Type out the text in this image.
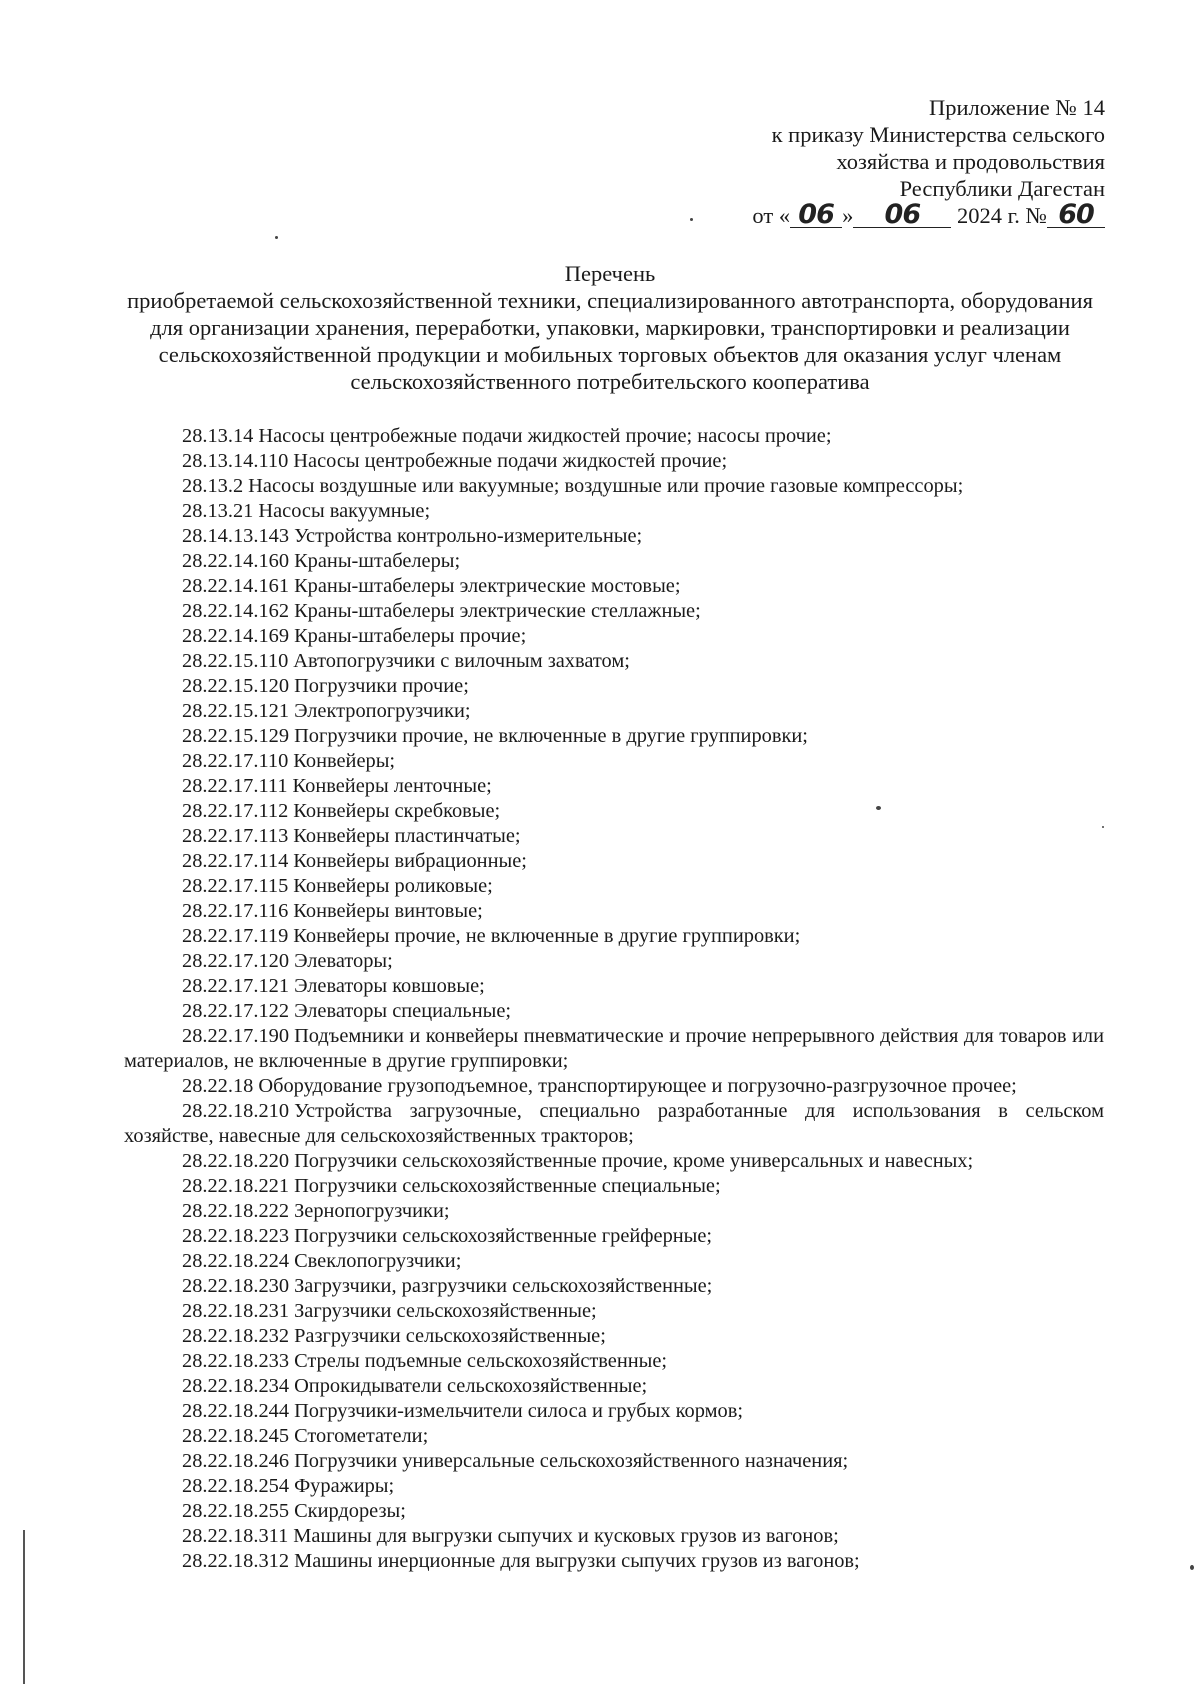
Приложение № 14
к приказу Министерства сельского
хозяйства и продовольствия
Республики Дагестан
от « 06 » 06 2024 г. № 60
Перечень
приобретаемой сельскохозяйственной техники, специализированного автотранспорта, оборудования для организации хранения, переработки, упаковки, маркировки, транспортировки и реализации сельскохозяйственной продукции и мобильных торговых объектов для оказания услуг членам сельскохозяйственного потребительского кооператива
28.13.14 Насосы центробежные подачи жидкостей прочие; насосы прочие;
28.13.14.110 Насосы центробежные подачи жидкостей прочие;
28.13.2 Насосы воздушные или вакуумные; воздушные или прочие газовые компрессоры;
28.13.21 Насосы вакуумные;
28.14.13.143 Устройства контрольно-измерительные;
28.22.14.160 Краны-штабелеры;
28.22.14.161 Краны-штабелеры электрические мостовые;
28.22.14.162 Краны-штабелеры электрические стеллажные;
28.22.14.169 Краны-штабелеры прочие;
28.22.15.110 Автопогрузчики с вилочным захватом;
28.22.15.120 Погрузчики прочие;
28.22.15.121 Электропогрузчики;
28.22.15.129 Погрузчики прочие, не включенные в другие группировки;
28.22.17.110 Конвейеры;
28.22.17.111 Конвейеры ленточные;
28.22.17.112 Конвейеры скребковые;
28.22.17.113 Конвейеры пластинчатые;
28.22.17.114 Конвейеры вибрационные;
28.22.17.115 Конвейеры роликовые;
28.22.17.116 Конвейеры винтовые;
28.22.17.119 Конвейеры прочие, не включенные в другие группировки;
28.22.17.120 Элеваторы;
28.22.17.121 Элеваторы ковшовые;
28.22.17.122 Элеваторы специальные;
28.22.17.190 Подъемники и конвейеры пневматические и прочие непрерывного действия для товаров или материалов, не включенные в другие группировки;
28.22.18 Оборудование грузоподъемное, транспортирующее и погрузочно-разгрузочное прочее;
28.22.18.210 Устройства загрузочные, специально разработанные для использования в сельском хозяйстве, навесные для сельскохозяйственных тракторов;
28.22.18.220 Погрузчики сельскохозяйственные прочие, кроме универсальных и навесных;
28.22.18.221 Погрузчики сельскохозяйственные специальные;
28.22.18.222 Зернопогрузчики;
28.22.18.223 Погрузчики сельскохозяйственные грейферные;
28.22.18.224 Свеклопогрузчики;
28.22.18.230 Загрузчики, разгрузчики сельскохозяйственные;
28.22.18.231 Загрузчики сельскохозяйственные;
28.22.18.232 Разгрузчики сельскохозяйственные;
28.22.18.233 Стрелы подъемные сельскохозяйственные;
28.22.18.234 Опрокидыватели сельскохозяйственные;
28.22.18.244 Погрузчики-измельчители силоса и грубых кормов;
28.22.18.245 Стогометатели;
28.22.18.246 Погрузчики универсальные сельскохозяйственного назначения;
28.22.18.254 Фуражиры;
28.22.18.255 Скирдорезы;
28.22.18.311 Машины для выгрузки сыпучих и кусковых грузов из вагонов;
28.22.18.312 Машины инерционные для выгрузки сыпучих грузов из вагонов;
